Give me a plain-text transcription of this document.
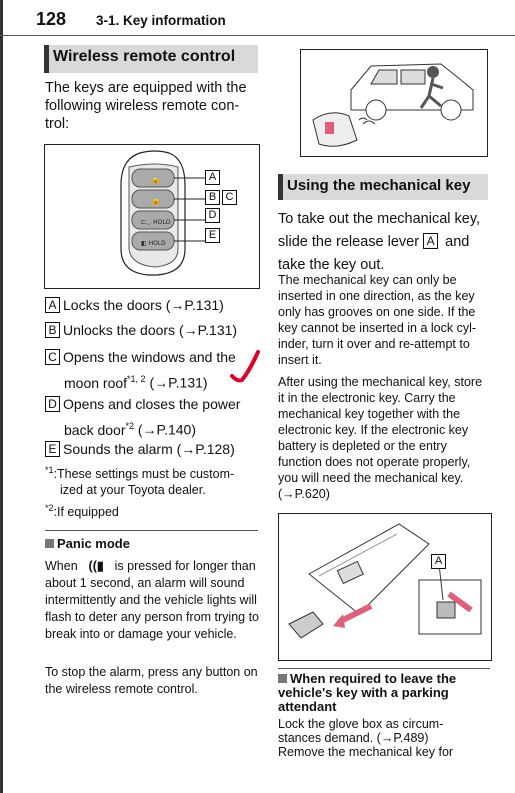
128 3-1. Key information
Wireless remote control
The keys are equipped with the following wireless remote con-trol:
🔒
🔓
⊏◡ HOLD
◧ HOLD
A
B C
D
E
A Locks the doors (→P.131)
B Unlocks the doors (→P.131)
C Opens the windows and the
moon roof$^{*1, 2}$ (→P.131)
D Opens and closes the power
back door$^{*2}$ (→P.140)
E Sounds the alarm (→P.128)
$^{*1}$:These settings must be custom-
ized at your Toyota dealer.
$^{*2}$:If equipped
Panic mode
When ((▮ is pressed for longer than about 1 second, an alarm will sound intermittently and the vehicle lights will flash to deter any person from trying to break into or damage your vehicle.
To stop the alarm, press any button on the wireless remote control.
Using the mechanical key
To take out the mechanical key,
slide the release lever A and
take the key out.
The mechanical key can only be inserted in one direction, as the key only has grooves on one side. If the key cannot be inserted in a lock cyl-inder, turn it over and re-attempt to insert it.
After using the mechanical key, store it in the electronic key. Carry the mechanical key together with the electronic key. If the electronic key battery is depleted or the entry function does not operate properly, you will need the mechanical key. (→P.620)
A
When required to leave the vehicle's key with a parking attendant
Lock the glove box as circum-stances demand. (→P.489) Remove the mechanical key for
